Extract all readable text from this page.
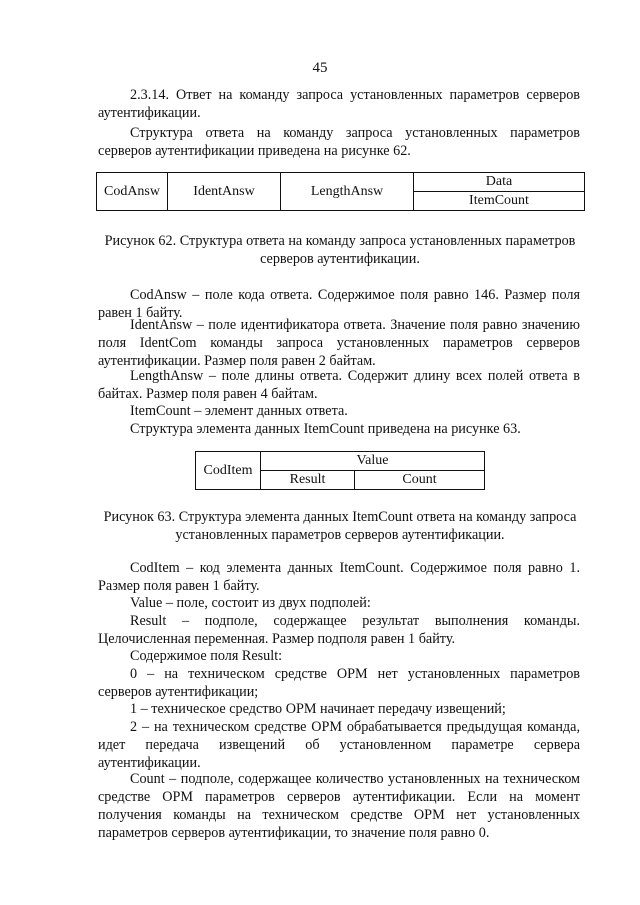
45

2.3.14. Ответ на команду запроса установленных параметров серверов аутентификации.

Структура ответа на команду запроса установленных параметров серверов аутентификации приведена на рисунке 62.

CodAnsw	IdentAnsw	LengthAnsw	Data
ItemCount

Рисунок 62. Структура ответа на команду запроса установленных параметров серверов аутентификации.

CodAnsw – поле кода ответа. Содержимое поля равно 146. Размер поля равен 1 байту.

IdentAnsw – поле идентификатора ответа. Значение поля равно значению поля IdentCom команды запроса установленных параметров серверов аутентификации. Размер поля равен 2 байтам.

LengthAnsw – поле длины ответа. Содержит длину всех полей ответа в байтах. Размер поля равен 4 байтам.

ItemCount – элемент данных ответа.

Структура элемента данных ItemCount приведена на рисунке 63.

CodItem	Value	
	Result	Count

Рисунок 63. Структура элемента данных ItemCount ответа на команду запроса установленных параметров серверов аутентификации.

CodItem – код элемента данных ItemCount. Содержимое поля равно 1. Размер поля равен 1 байту.

Value – поле, состоит из двух подполей:

Result – подполе, содержащее результат выполнения команды. Целочисленная переменная. Размер подполя равен 1 байту.

Содержимое поля Result:

0 – на техническом средстве ОРМ нет установленных параметров серверов аутентификации;

1 – техническое средство ОРМ начинает передачу извещений;

2 – на техническом средстве ОРМ обрабатывается предыдущая команда, идет передача извещений об установленном параметре сервера аутентификации.

Count – подполе, содержащее количество установленных на техническом средстве ОРМ параметров серверов аутентификации. Если на момент получения команды на техническом средстве ОРМ нет установленных параметров серверов аутентификации, то значение поля равно 0.
